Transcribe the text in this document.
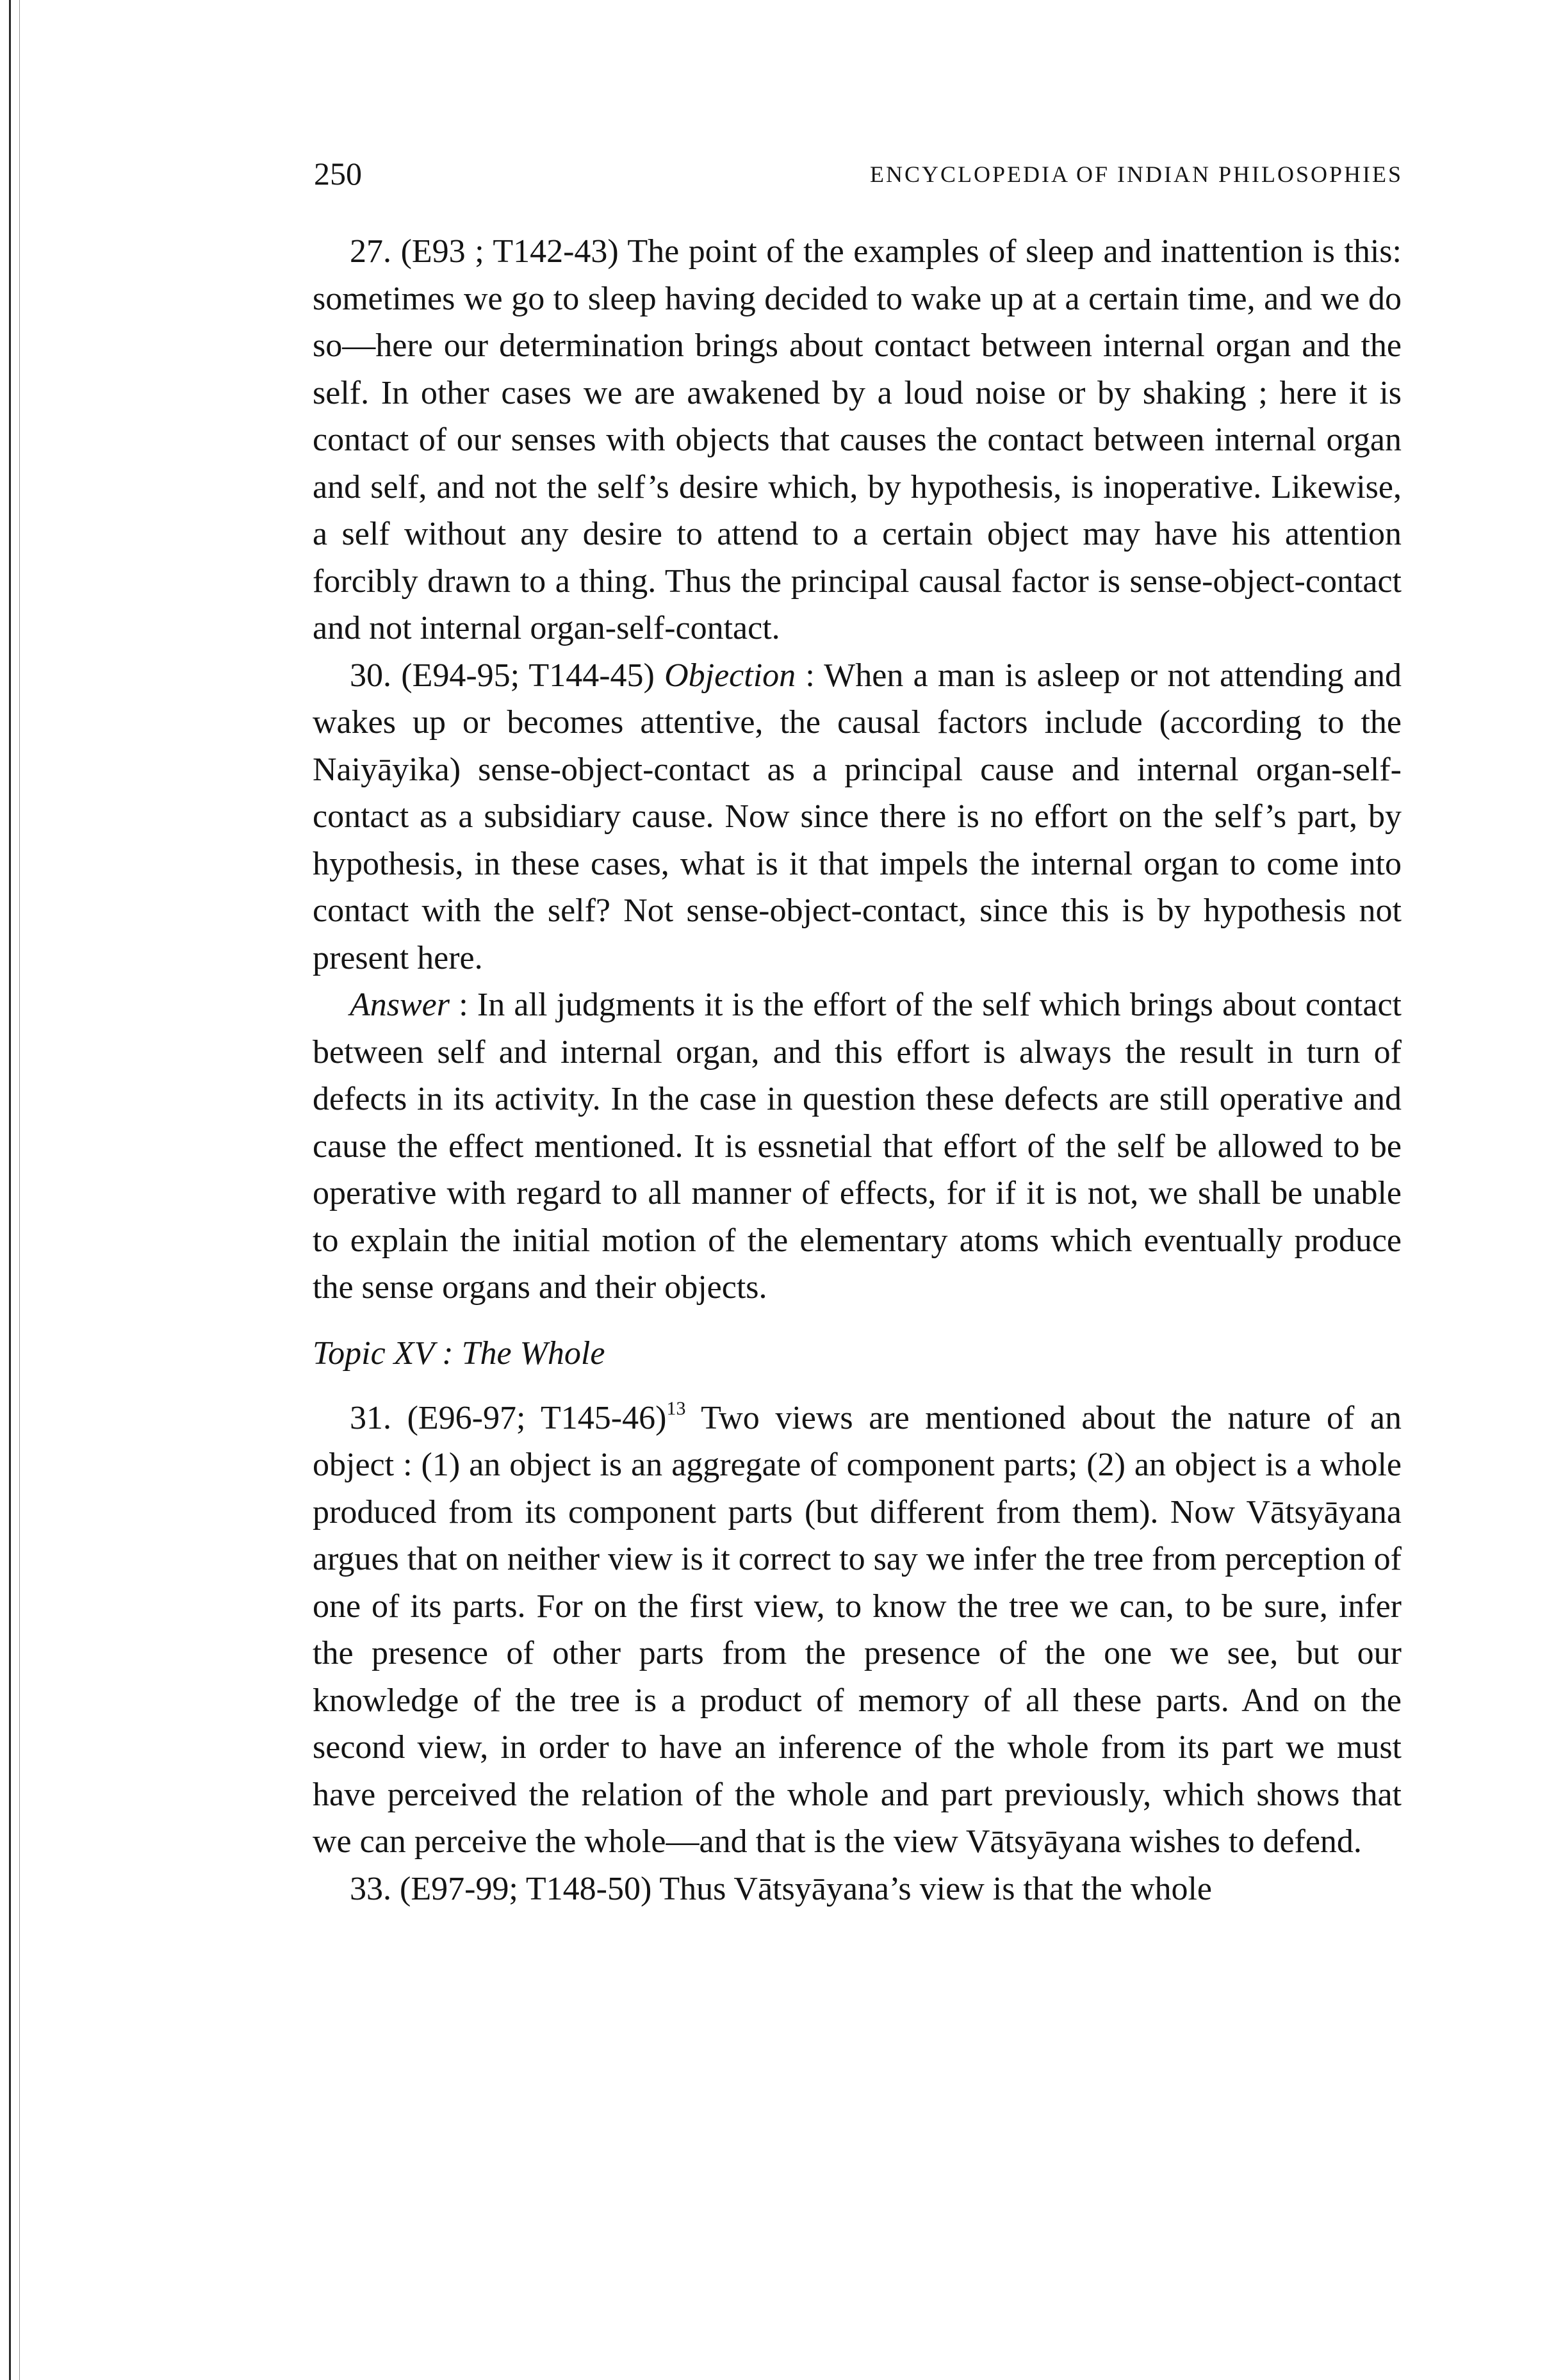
250	ENCYCLOPEDIA OF INDIAN PHILOSOPHIES

27. (E93 ; T142-43) The point of the examples of sleep and inattention is this: sometimes we go to sleep having decided to wake up at a certain time, and we do so—here our determination brings about contact between internal organ and the self. In other cases we are awakened by a loud noise or by shaking ; here it is contact of our senses with objects that causes the contact between internal organ and self, and not the self’s desire which, by hypothesis, is inoperative. Likewise, a self without any desire to attend to a certain object may have his attention forcibly drawn to a thing. Thus the principal causal factor is sense-object-contact and not internal organ-self-contact.

30. (E94-95; T144-45) Objection : When a man is asleep or not attending and wakes up or becomes attentive, the causal factors include (according to the Naiyāyika) sense-object-contact as a principal cause and internal organ-self-contact as a subsidiary cause. Now since there is no effort on the self’s part, by hypothesis, in these cases, what is it that impels the internal organ to come into contact with the self? Not sense-object-contact, since this is by hypothesis not present here.

Answer : In all judgments it is the effort of the self which brings about contact between self and internal organ, and this effort is always the result in turn of defects in its activity. In the case in question these defects are still operative and cause the effect mentioned. It is essnetial that effort of the self be allowed to be operative with regard to all manner of effects, for if it is not, we shall be unable to explain the initial motion of the elementary atoms which eventually produce the sense organs and their objects.

Topic XV : The Whole

31. (E96-97; T145-46)$^{13}$ Two views are mentioned about the nature of an object : (1) an object is an aggregate of component parts; (2) an object is a whole produced from its component parts (but different from them). Now Vātsyāyana argues that on neither view is it correct to say we infer the tree from perception of one of its parts. For on the first view, to know the tree we can, to be sure, infer the presence of other parts from the presence of the one we see, but our knowledge of the tree is a product of memory of all these parts. And on the second view, in order to have an inference of the whole from its part we must have perceived the relation of the whole and part previously, which shows that we can perceive the whole—and that is the view Vātsyāyana wishes to defend.

33. (E97-99; T148-50) Thus Vātsyāyana’s view is that the whole
